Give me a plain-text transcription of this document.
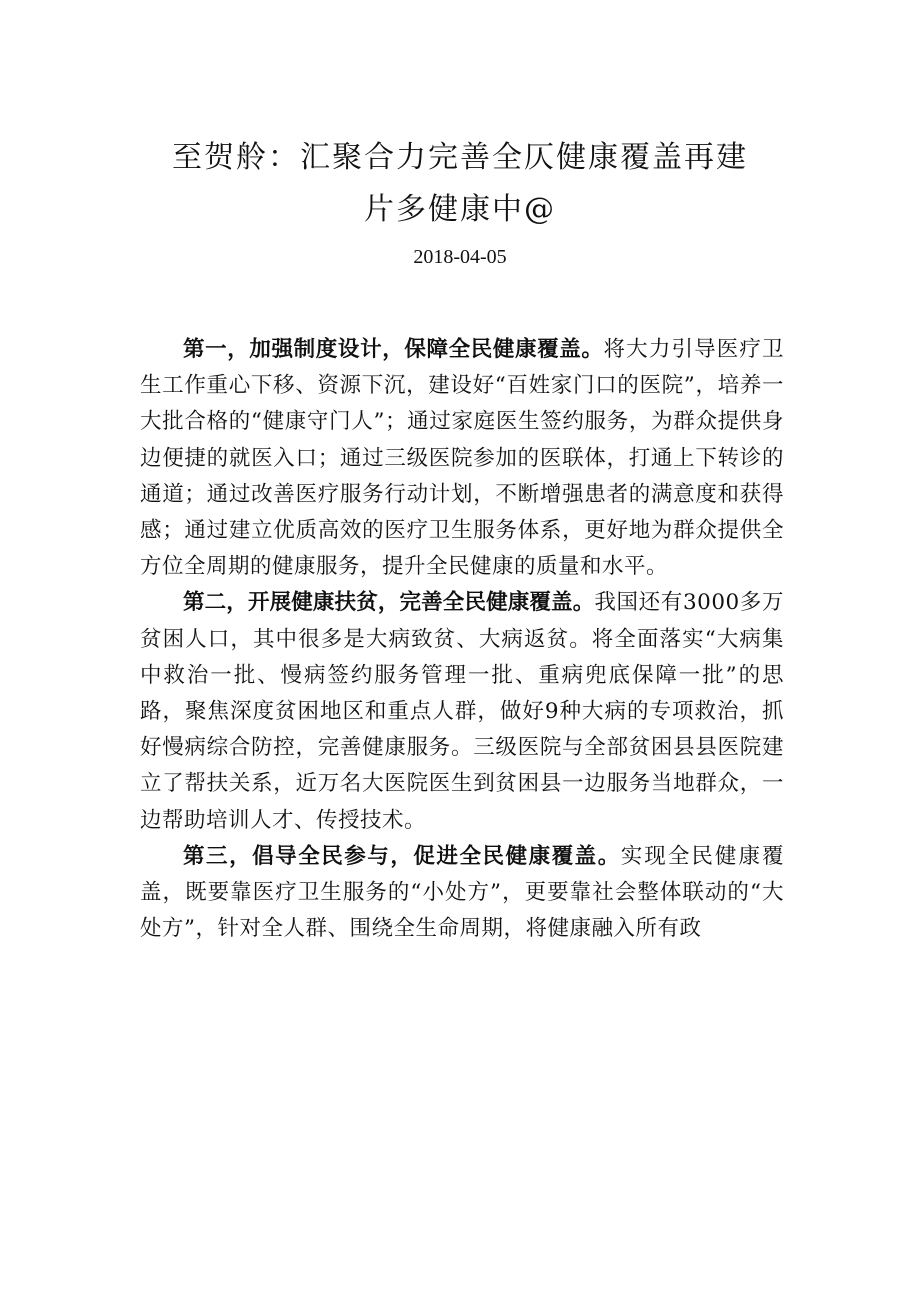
至贺舲：汇聚合力完善全仄健康覆盖再建
片多健康中@
2018-04-05

第一，加强制度设计，保障全民健康覆盖。将大力引导医疗卫生工作重心下移、资源下沉，建设好“百姓家门口的医院”，培养一大批合格的“健康守门人”；通过家庭医生签约服务，为群众提供身边便捷的就医入口；通过三级医院参加的医联体，打通上下转诊的通道；通过改善医疗服务行动计划，不断增强患者的满意度和获得感；通过建立优质高效的医疗卫生服务体系，更好地为群众提供全方位全周期的健康服务，提升全民健康的质量和水平。

第二，开展健康扶贫，完善全民健康覆盖。我国还有3000多万贫困人口，其中很多是大病致贫、大病返贫。将全面落实“大病集中救治一批、慢病签约服务管理一批、重病兜底保障一批”的思路，聚焦深度贫困地区和重点人群，做好9种大病的专项救治，抓好慢病综合防控，完善健康服务。三级医院与全部贫困县县医院建立了帮扶关系，近万名大医院医生到贫困县一边服务当地群众，一边帮助培训人才、传授技术。

第三，倡导全民参与，促进全民健康覆盖。实现全民健康覆盖，既要靠医疗卫生服务的“小处方”，更要靠社会整体联动的“大处方”，针对全人群、围绕全生命周期，将健康融入所有政
